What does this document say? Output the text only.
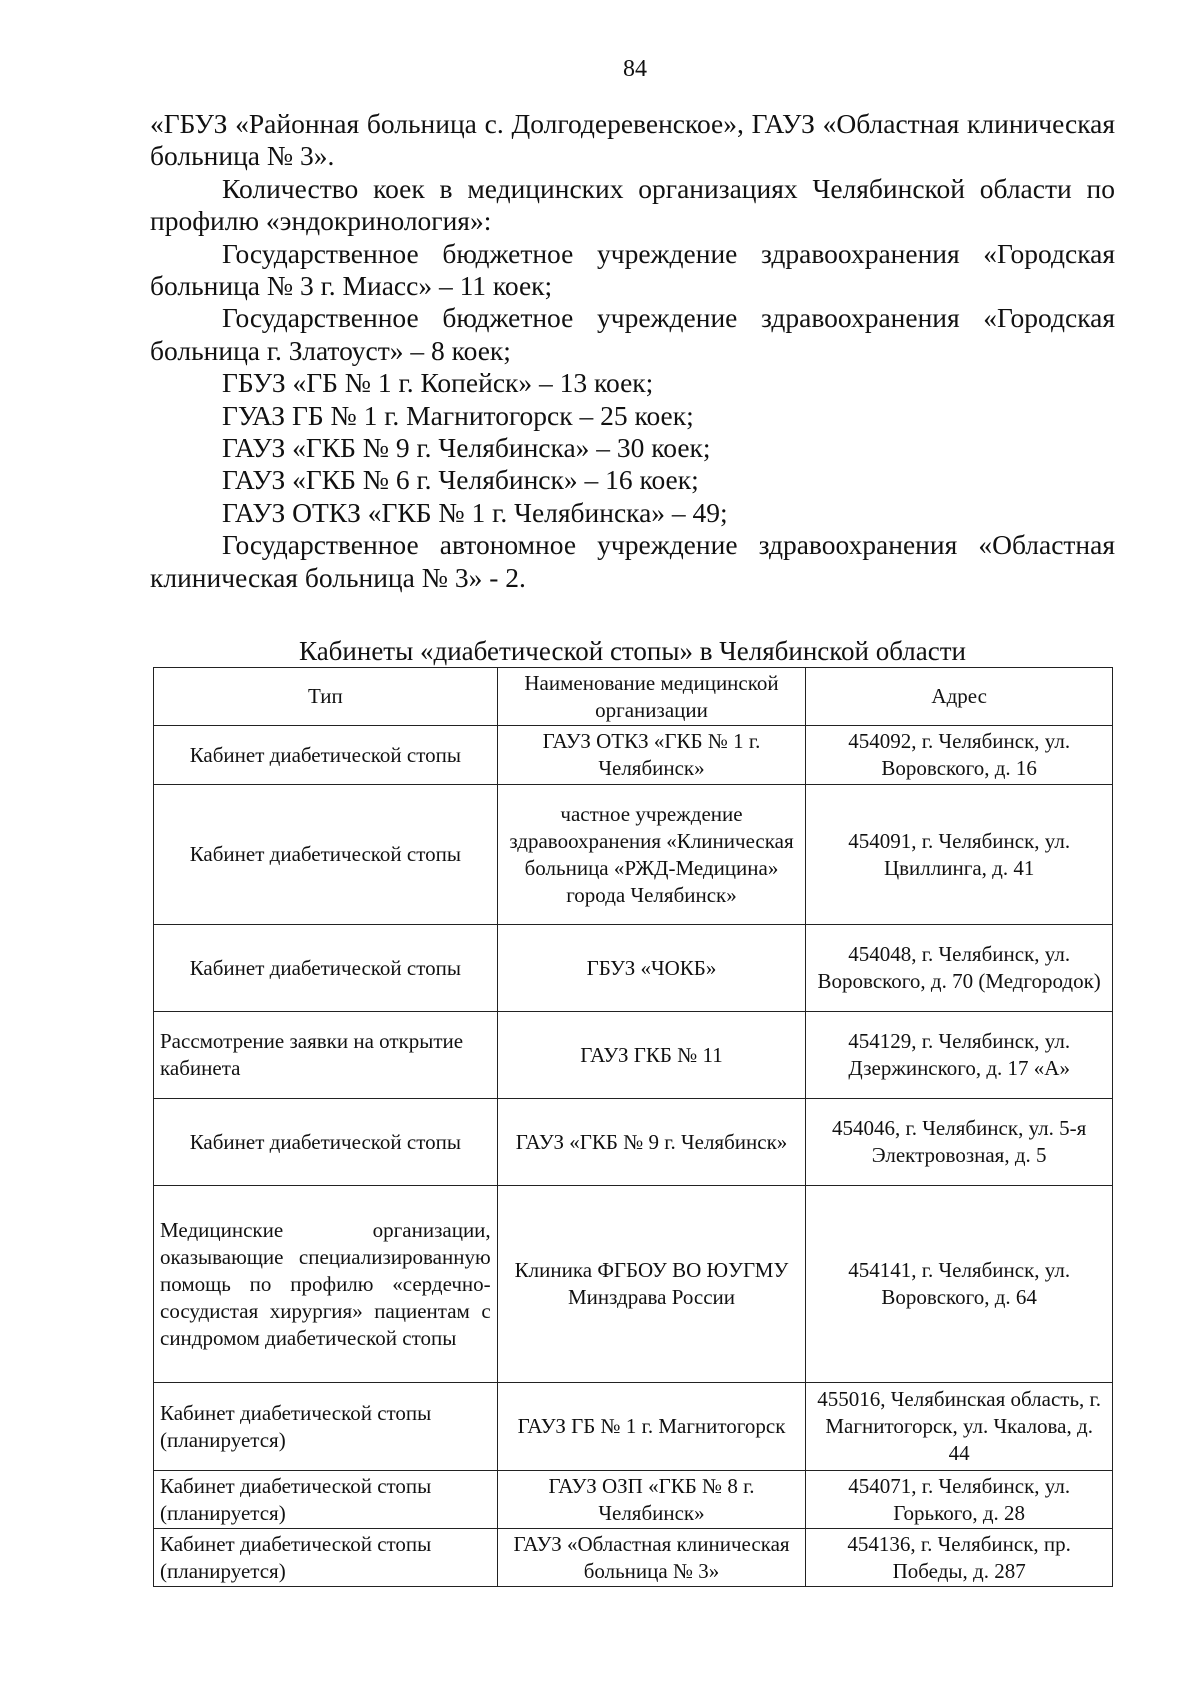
84

«ГБУЗ «Районная больница с. Долгодеревенское», ГАУЗ «Областная клиническая больница № 3».

Количество коек в медицинских организациях Челябинской области по профилю «эндокринология»:

Государственное бюджетное учреждение здравоохранения «Городская больница № 3 г. Миасс» – 11 коек;

Государственное бюджетное учреждение здравоохранения «Городская больница г. Златоуст» – 8 коек;

ГБУЗ «ГБ № 1 г. Копейск» – 13 коек;

ГУАЗ ГБ № 1 г. Магнитогорск – 25 коек;

ГАУЗ «ГКБ № 9 г. Челябинска» – 30 коек;

ГАУЗ «ГКБ № 6 г. Челябинск» – 16 коек;

ГАУЗ ОТКЗ «ГКБ № 1 г. Челябинска» – 49;

Государственное автономное учреждение здравоохранения «Областная клиническая больница № 3» - 2.

Кабинеты «диабетической стопы» в Челябинской области
Тип	Наименование медицинской организации	Адрес
Кабинет диабетической стопы	ГАУЗ ОТКЗ «ГКБ № 1 г. Челябинск»	454092, г. Челябинск, ул. Воровского, д. 16
Кабинет диабетической стопы	частное учреждение здравоохранения «Клиническая больница «РЖД-Медицина» города Челябинск»	454091, г. Челябинск, ул. Цвиллинга, д. 41
Кабинет диабетической стопы	ГБУЗ «ЧОКБ»	454048, г. Челябинск, ул. Воровского, д. 70 (Медгородок)
Рассмотрение заявки на открытие кабинета	ГАУЗ ГКБ № 11	454129, г. Челябинск, ул. Дзержинского, д. 17 «А»
Кабинет диабетической стопы	ГАУЗ «ГКБ № 9 г. Челябинск»	454046, г. Челябинск, ул. 5-я Электровозная, д. 5
Медицинские организации, оказывающие специализированную помощь по профилю «сердечно-сосудистая хирургия» пациентам с синдромом диабетической стопы	Клиника ФГБОУ ВО ЮУГМУ Минздрава России	454141, г. Челябинск, ул. Воровского, д. 64
Кабинет диабетической стопы (планируется)	ГАУЗ ГБ № 1 г. Магнитогорск	455016, Челябинская область, г. Магнитогорск, ул. Чкалова, д. 44
Кабинет диабетической стопы (планируется)	ГАУЗ ОЗП «ГКБ № 8 г. Челябинск»	454071, г. Челябинск, ул. Горького, д. 28
Кабинет диабетической стопы (планируется)	ГАУЗ «Областная клиническая больница № 3»	454136, г. Челябинск, пр. Победы, д. 287
